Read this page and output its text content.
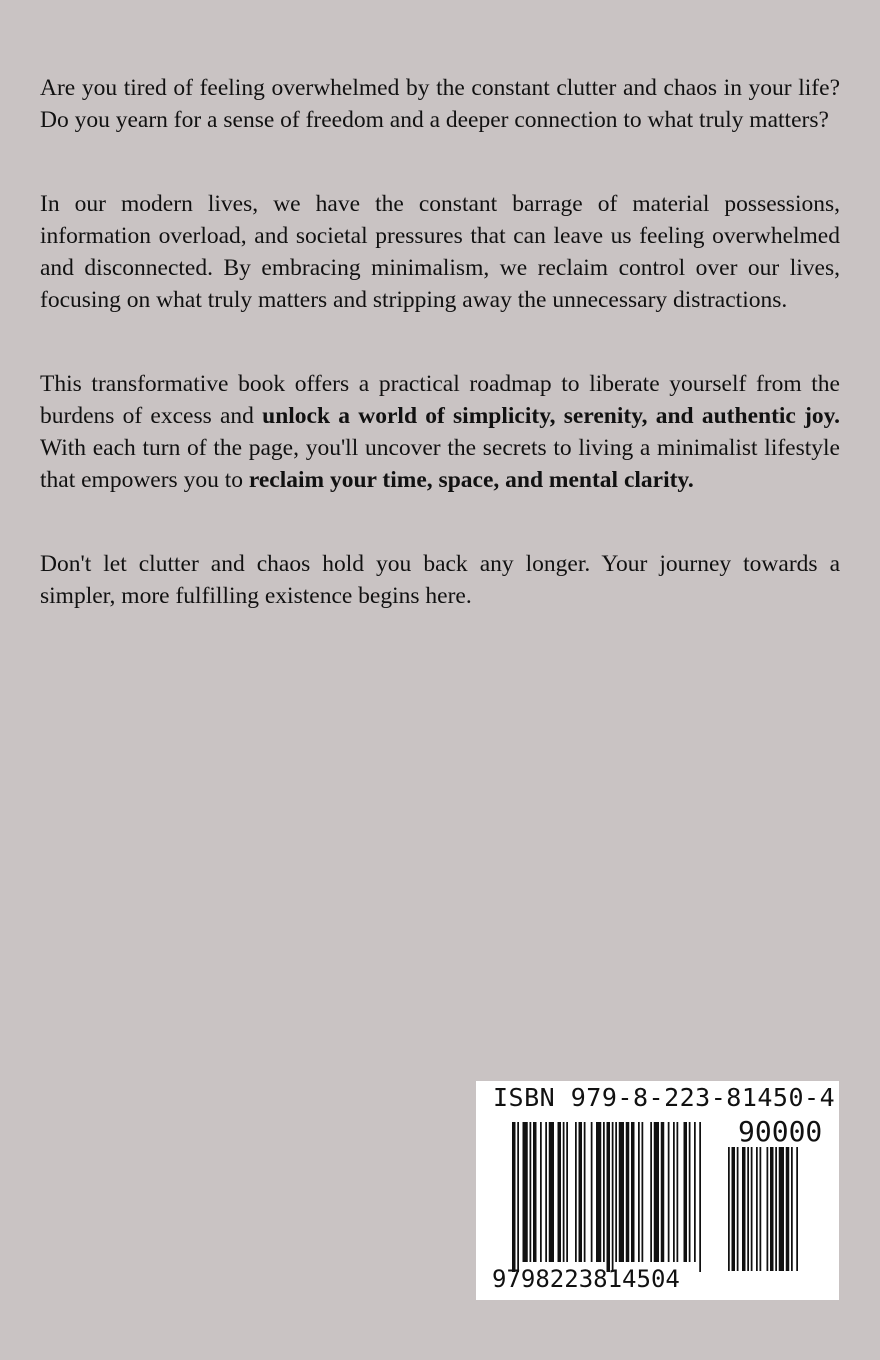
Are you tired of feeling overwhelmed by the constant clutter and chaos in your life? Do you yearn for a sense of freedom and a deeper connection to what truly matters?

In our modern lives, we have the constant barrage of material possessions, information overload, and societal pressures that can leave us feeling overwhelmed and disconnected. By embracing minimalism, we reclaim control over our lives, focusing on what truly matters and stripping away the unnecessary distractions.

This transformative book offers a practical roadmap to liberate yourself from the burdens of excess and unlock a world of simplicity, serenity, and authentic joy. With each turn of the page, you'll uncover the secrets to living a minimalist lifestyle that empowers you to reclaim your time, space, and mental clarity.

Don't let clutter and chaos hold you back any longer. Your journey towards a simpler, more fulfilling existence begins here.

ISBN 979-8-223-81450-4
90000
9798223814504
